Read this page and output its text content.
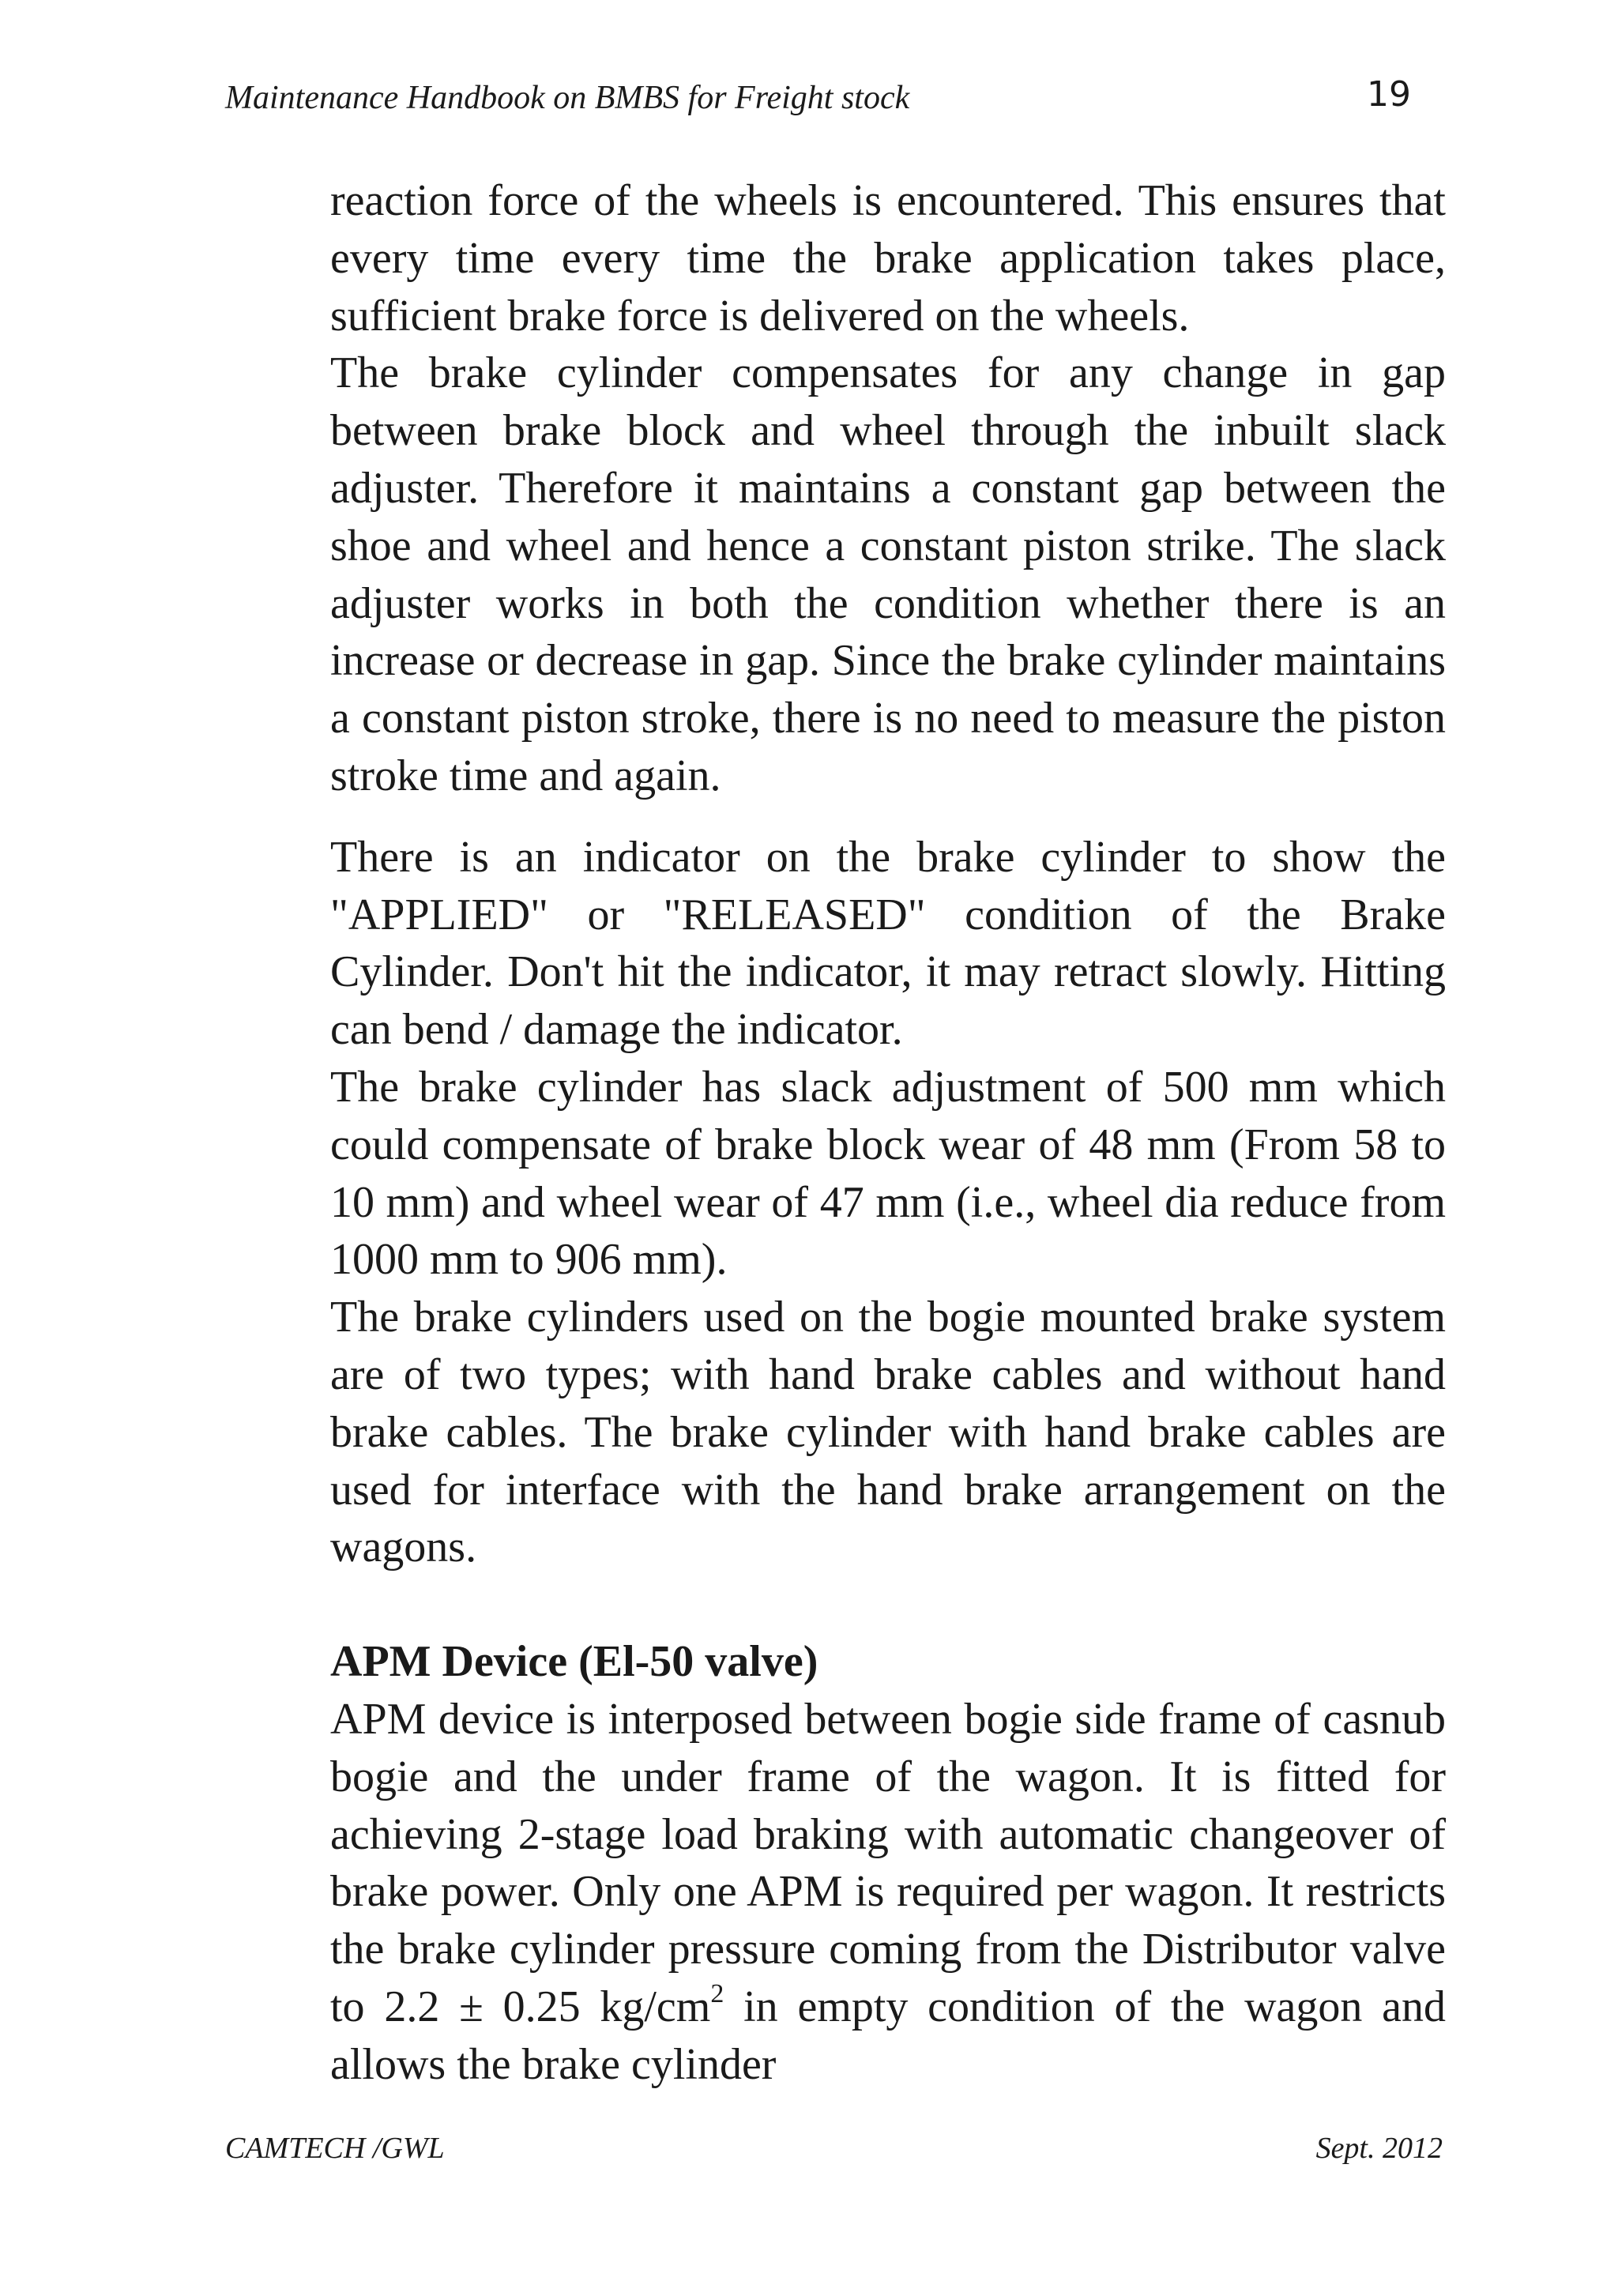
Maintenance Handbook on BMBS for Freight stock	19

reaction force of the wheels is encountered. This ensures that every time every time the brake application takes place, sufficient brake force is delivered on the wheels.

The brake cylinder compensates for any change in gap between brake block and wheel through the inbuilt slack adjuster. Therefore it maintains a constant gap between the shoe and wheel and hence a constant piston strike. The slack adjuster works in both the condition whether there is an increase or decrease in gap. Since the brake cylinder maintains a constant piston stroke, there is no need to measure the piston stroke time and again.

There is an indicator on the brake cylinder to show the "APPLIED" or "RELEASED" condition of the Brake Cylinder. Don't hit the indicator, it may retract slowly. Hitting can bend / damage the indicator.

The brake cylinder has slack adjustment of 500 mm which could compensate of brake block wear of 48 mm (From 58 to 10 mm) and wheel wear of 47 mm (i.e., wheel dia reduce from 1000 mm to 906 mm).

The brake cylinders used on the bogie mounted brake system are of two types; with hand brake cables and without hand brake cables. The brake cylinder with hand brake cables are used for interface with the hand brake arrangement on the wagons.

APM Device (El-50 valve)

APM device is interposed between bogie side frame of casnub bogie and the under frame of the wagon. It is fitted for achieving 2-stage load braking with automatic changeover of brake power. Only one APM is required per wagon. It restricts the brake cylinder pressure coming from the Distributor valve to 2.2 ± 0.25 $kg/cm^2$ in empty condition of the wagon and allows the brake cylinder

CAMTECH /GWL	Sept. 2012
